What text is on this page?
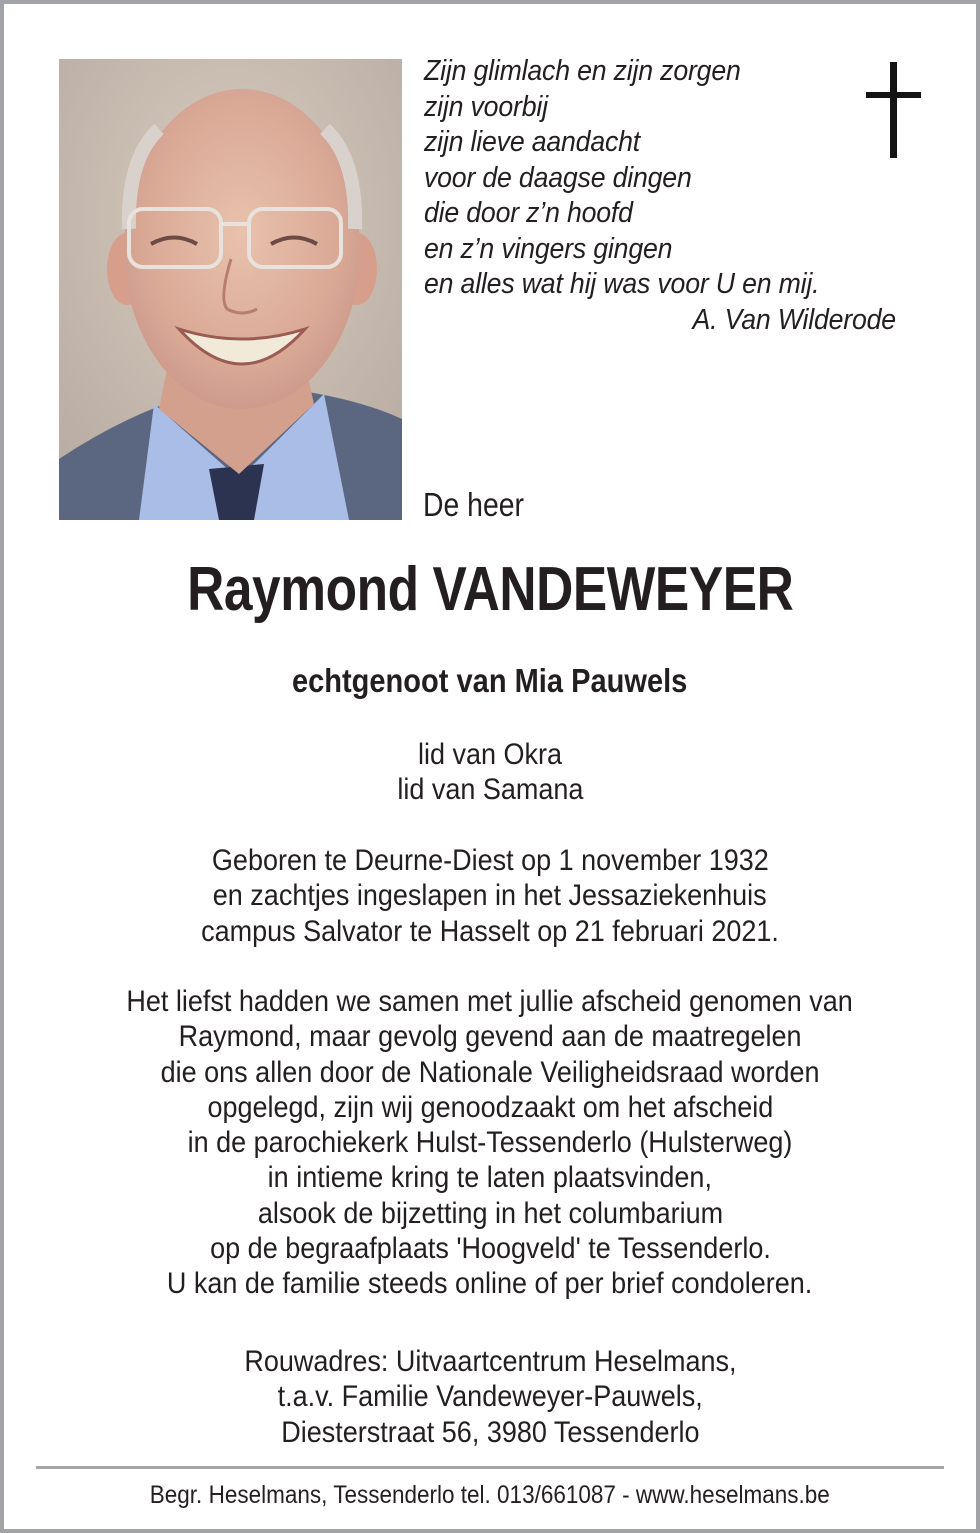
Zijn glimlach en zijn zorgen
zijn voorbij
zijn lieve aandacht
voor de daagse dingen
die door z’n hoofd
en z’n vingers gingen
en alles wat hij was voor U en mij.
A. Van Wilderode
De heer
Raymond VANDEWEYER
echtgenoot van Mia Pauwels
lid van Okra
lid van Samana
Geboren te Deurne-Diest op 1 november 1932
en zachtjes ingeslapen in het Jessaziekenhuis
campus Salvator te Hasselt op 21 februari 2021.
Het liefst hadden we samen met jullie afscheid genomen van
Raymond, maar gevolg gevend aan de maatregelen
die ons allen door de Nationale Veiligheidsraad worden
opgelegd, zijn wij genoodzaakt om het afscheid
in de parochiekerk Hulst-Tessenderlo (Hulsterweg)
in intieme kring te laten plaatsvinden,
alsook de bijzetting in het columbarium
op de begraafplaats 'Hoogveld' te Tessenderlo.
U kan de familie steeds online of per brief condoleren.
Rouwadres: Uitvaartcentrum Heselmans,
t.a.v. Familie Vandeweyer-Pauwels,
Diesterstraat 56, 3980 Tessenderlo
Begr. Heselmans, Tessenderlo tel. 013/661087 - www.heselmans.be
